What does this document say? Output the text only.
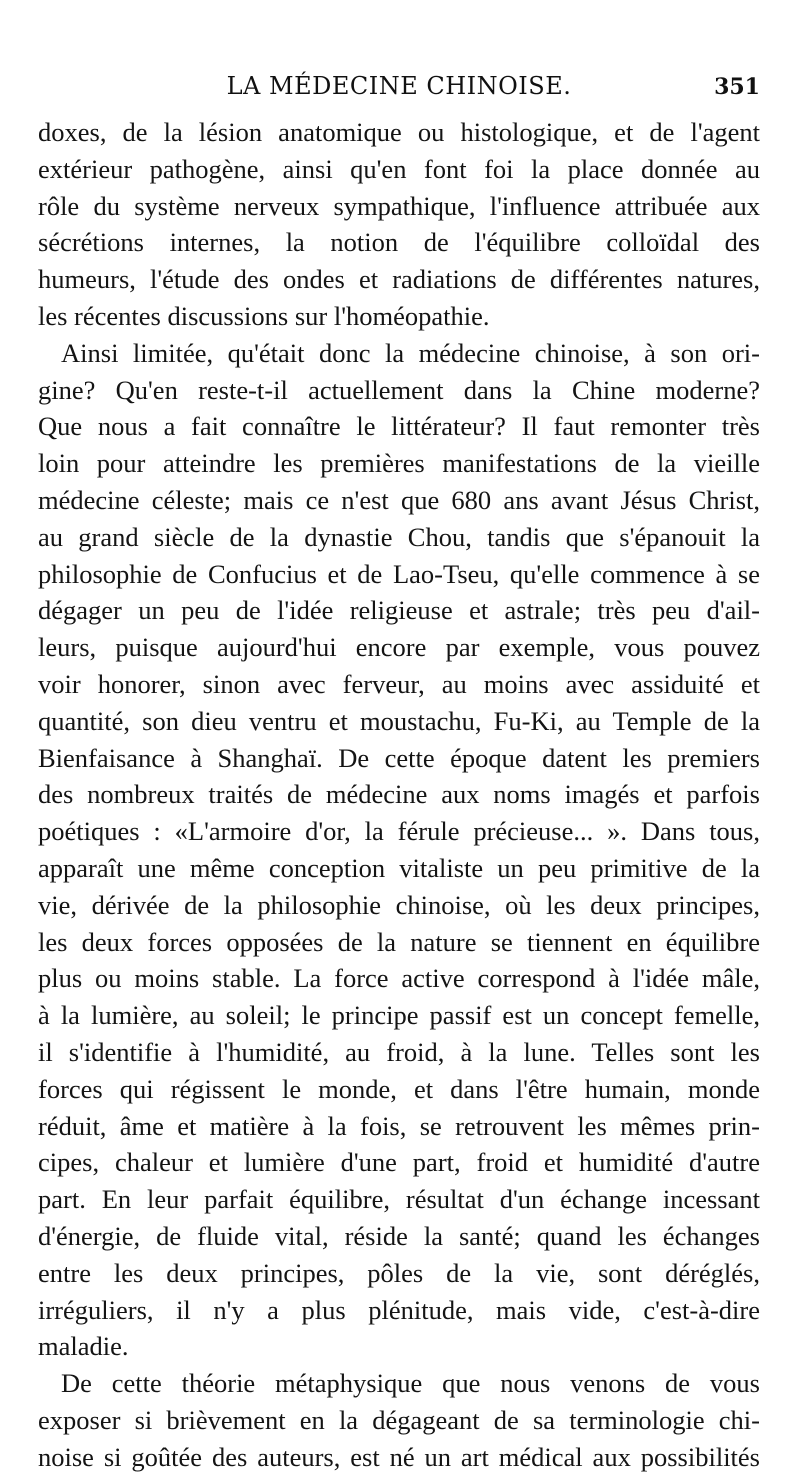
LA MÉDECINE CHINOISE.	351
doxes, de la lésion anatomique ou histologique, et de l'agent
extérieur pathogène, ainsi qu'en font foi la place donnée au
rôle du système nerveux sympathique, l'influence attribuée aux
sécrétions internes, la notion de l'équilibre colloïdal des
humeurs, l'étude des ondes et radiations de différentes natures,
les récentes discussions sur l'homéopathie.
Ainsi limitée, qu'était donc la médecine chinoise, à son ori-
gine? Qu'en reste-t-il actuellement dans la Chine moderne?
Que nous a fait connaître le littérateur? Il faut remonter très
loin pour atteindre les premières manifestations de la vieille
médecine céleste; mais ce n'est que 680 ans avant Jésus Christ,
au grand siècle de la dynastie Chou, tandis que s'épanouit la
philosophie de Confucius et de Lao-Tseu, qu'elle commence à se
dégager un peu de l'idée religieuse et astrale; très peu d'ail-
leurs, puisque aujourd'hui encore par exemple, vous pouvez
voir honorer, sinon avec ferveur, au moins avec assiduité et
quantité, son dieu ventru et moustachu, Fu-Ki, au Temple de la
Bienfaisance à Shanghaï. De cette époque datent les premiers
des nombreux traités de médecine aux noms imagés et parfois
poétiques : «L'armoire d'or, la férule précieuse... ». Dans tous,
apparaît une même conception vitaliste un peu primitive de la
vie, dérivée de la philosophie chinoise, où les deux principes,
les deux forces opposées de la nature se tiennent en équilibre
plus ou moins stable. La force active correspond à l'idée mâle,
à la lumière, au soleil; le principe passif est un concept femelle,
il s'identifie à l'humidité, au froid, à la lune. Telles sont les
forces qui régissent le monde, et dans l'être humain, monde
réduit, âme et matière à la fois, se retrouvent les mêmes prin-
cipes, chaleur et lumière d'une part, froid et humidité d'autre
part. En leur parfait équilibre, résultat d'un échange incessant
d'énergie, de fluide vital, réside la santé; quand les échanges
entre les deux principes, pôles de la vie, sont déréglés,
irréguliers, il n'y a plus plénitude, mais vide, c'est-à-dire
maladie.
De cette théorie métaphysique que nous venons de vous
exposer si brièvement en la dégageant de sa terminologie chi-
noise si goûtée des auteurs, est né un art médical aux possibilités
